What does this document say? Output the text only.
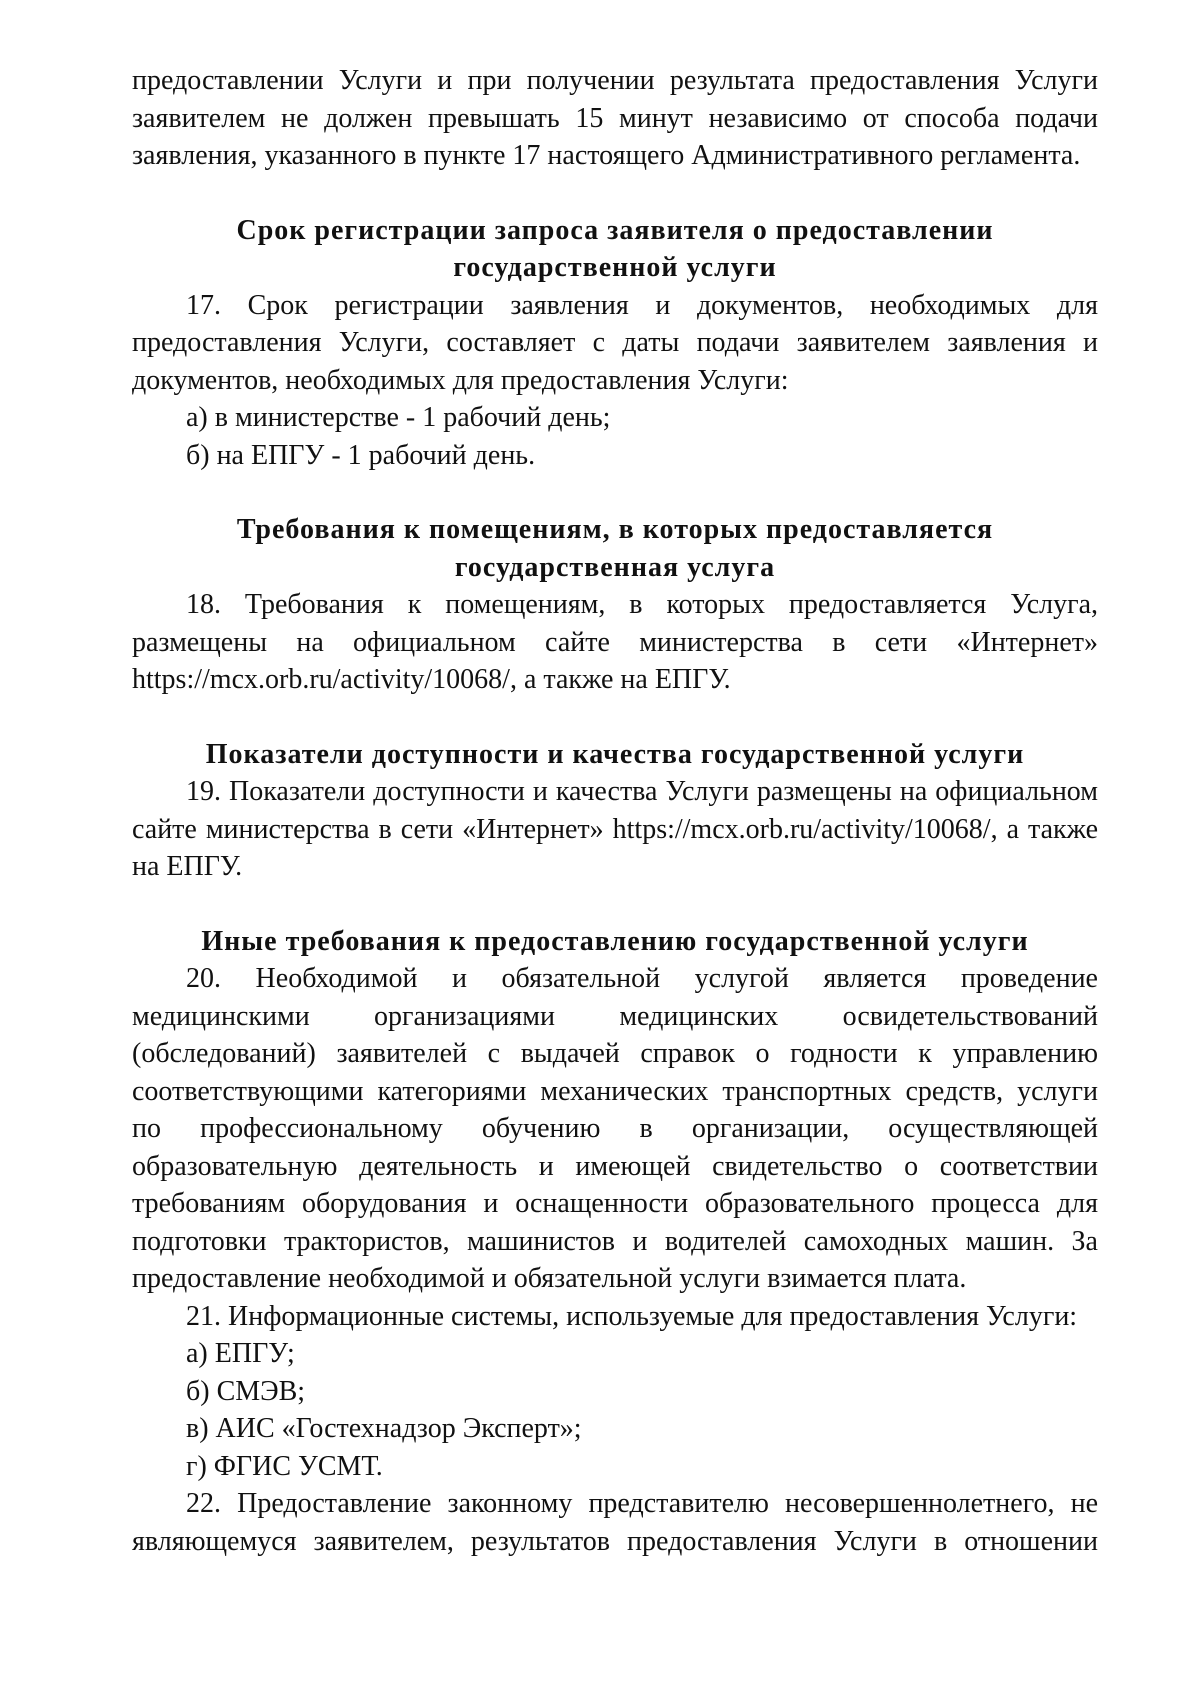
предоставлении Услуги и при получении результата предоставления Услуги заявителем не должен превышать 15 минут независимо от способа подачи заявления, указанного в пункте 17 настоящего Административного регламента.

Срок регистрации запроса заявителя о предоставлении

государственной услуги

17. Срок регистрации заявления и документов, необходимых для предоставления Услуги, составляет с даты подачи заявителем заявления и документов, необходимых для предоставления Услуги:

а) в министерстве - 1 рабочий день;

б) на ЕПГУ - 1 рабочий день.

Требования к помещениям, в которых предоставляется

государственная услуга

18. Требования к помещениям, в которых предоставляется Услуга, размещены на официальном сайте министерства в сети «Интернет» https://mcx.orb.ru/activity/10068/, а также на ЕПГУ.

Показатели доступности и качества государственной услуги

19. Показатели доступности и качества Услуги размещены на официальном сайте министерства в сети «Интернет» https://mcx.orb.ru/activity/10068/, а также на ЕПГУ.

Иные требования к предоставлению государственной услуги

20. Необходимой и обязательной услугой является проведение медицинскими организациями медицинских освидетельствований (обследований) заявителей с выдачей справок о годности к управлению соответствующими категориями механических транспортных средств, услуги по профессиональному обучению в организации, осуществляющей образовательную деятельность и имеющей свидетельство о соответствии требованиям оборудования и оснащенности образовательного процесса для подготовки трактористов, машинистов и водителей самоходных машин. За предоставление необходимой и обязательной услуги взимается плата.

21. Информационные системы, используемые для предоставления Услуги:

а) ЕПГУ;

б) СМЭВ;

в) АИС «Гостехнадзор Эксперт»;

г) ФГИС УСМТ.

22. Предоставление законному представителю несовершеннолетнего, не являющемуся заявителем, результатов предоставления Услуги в отношении
